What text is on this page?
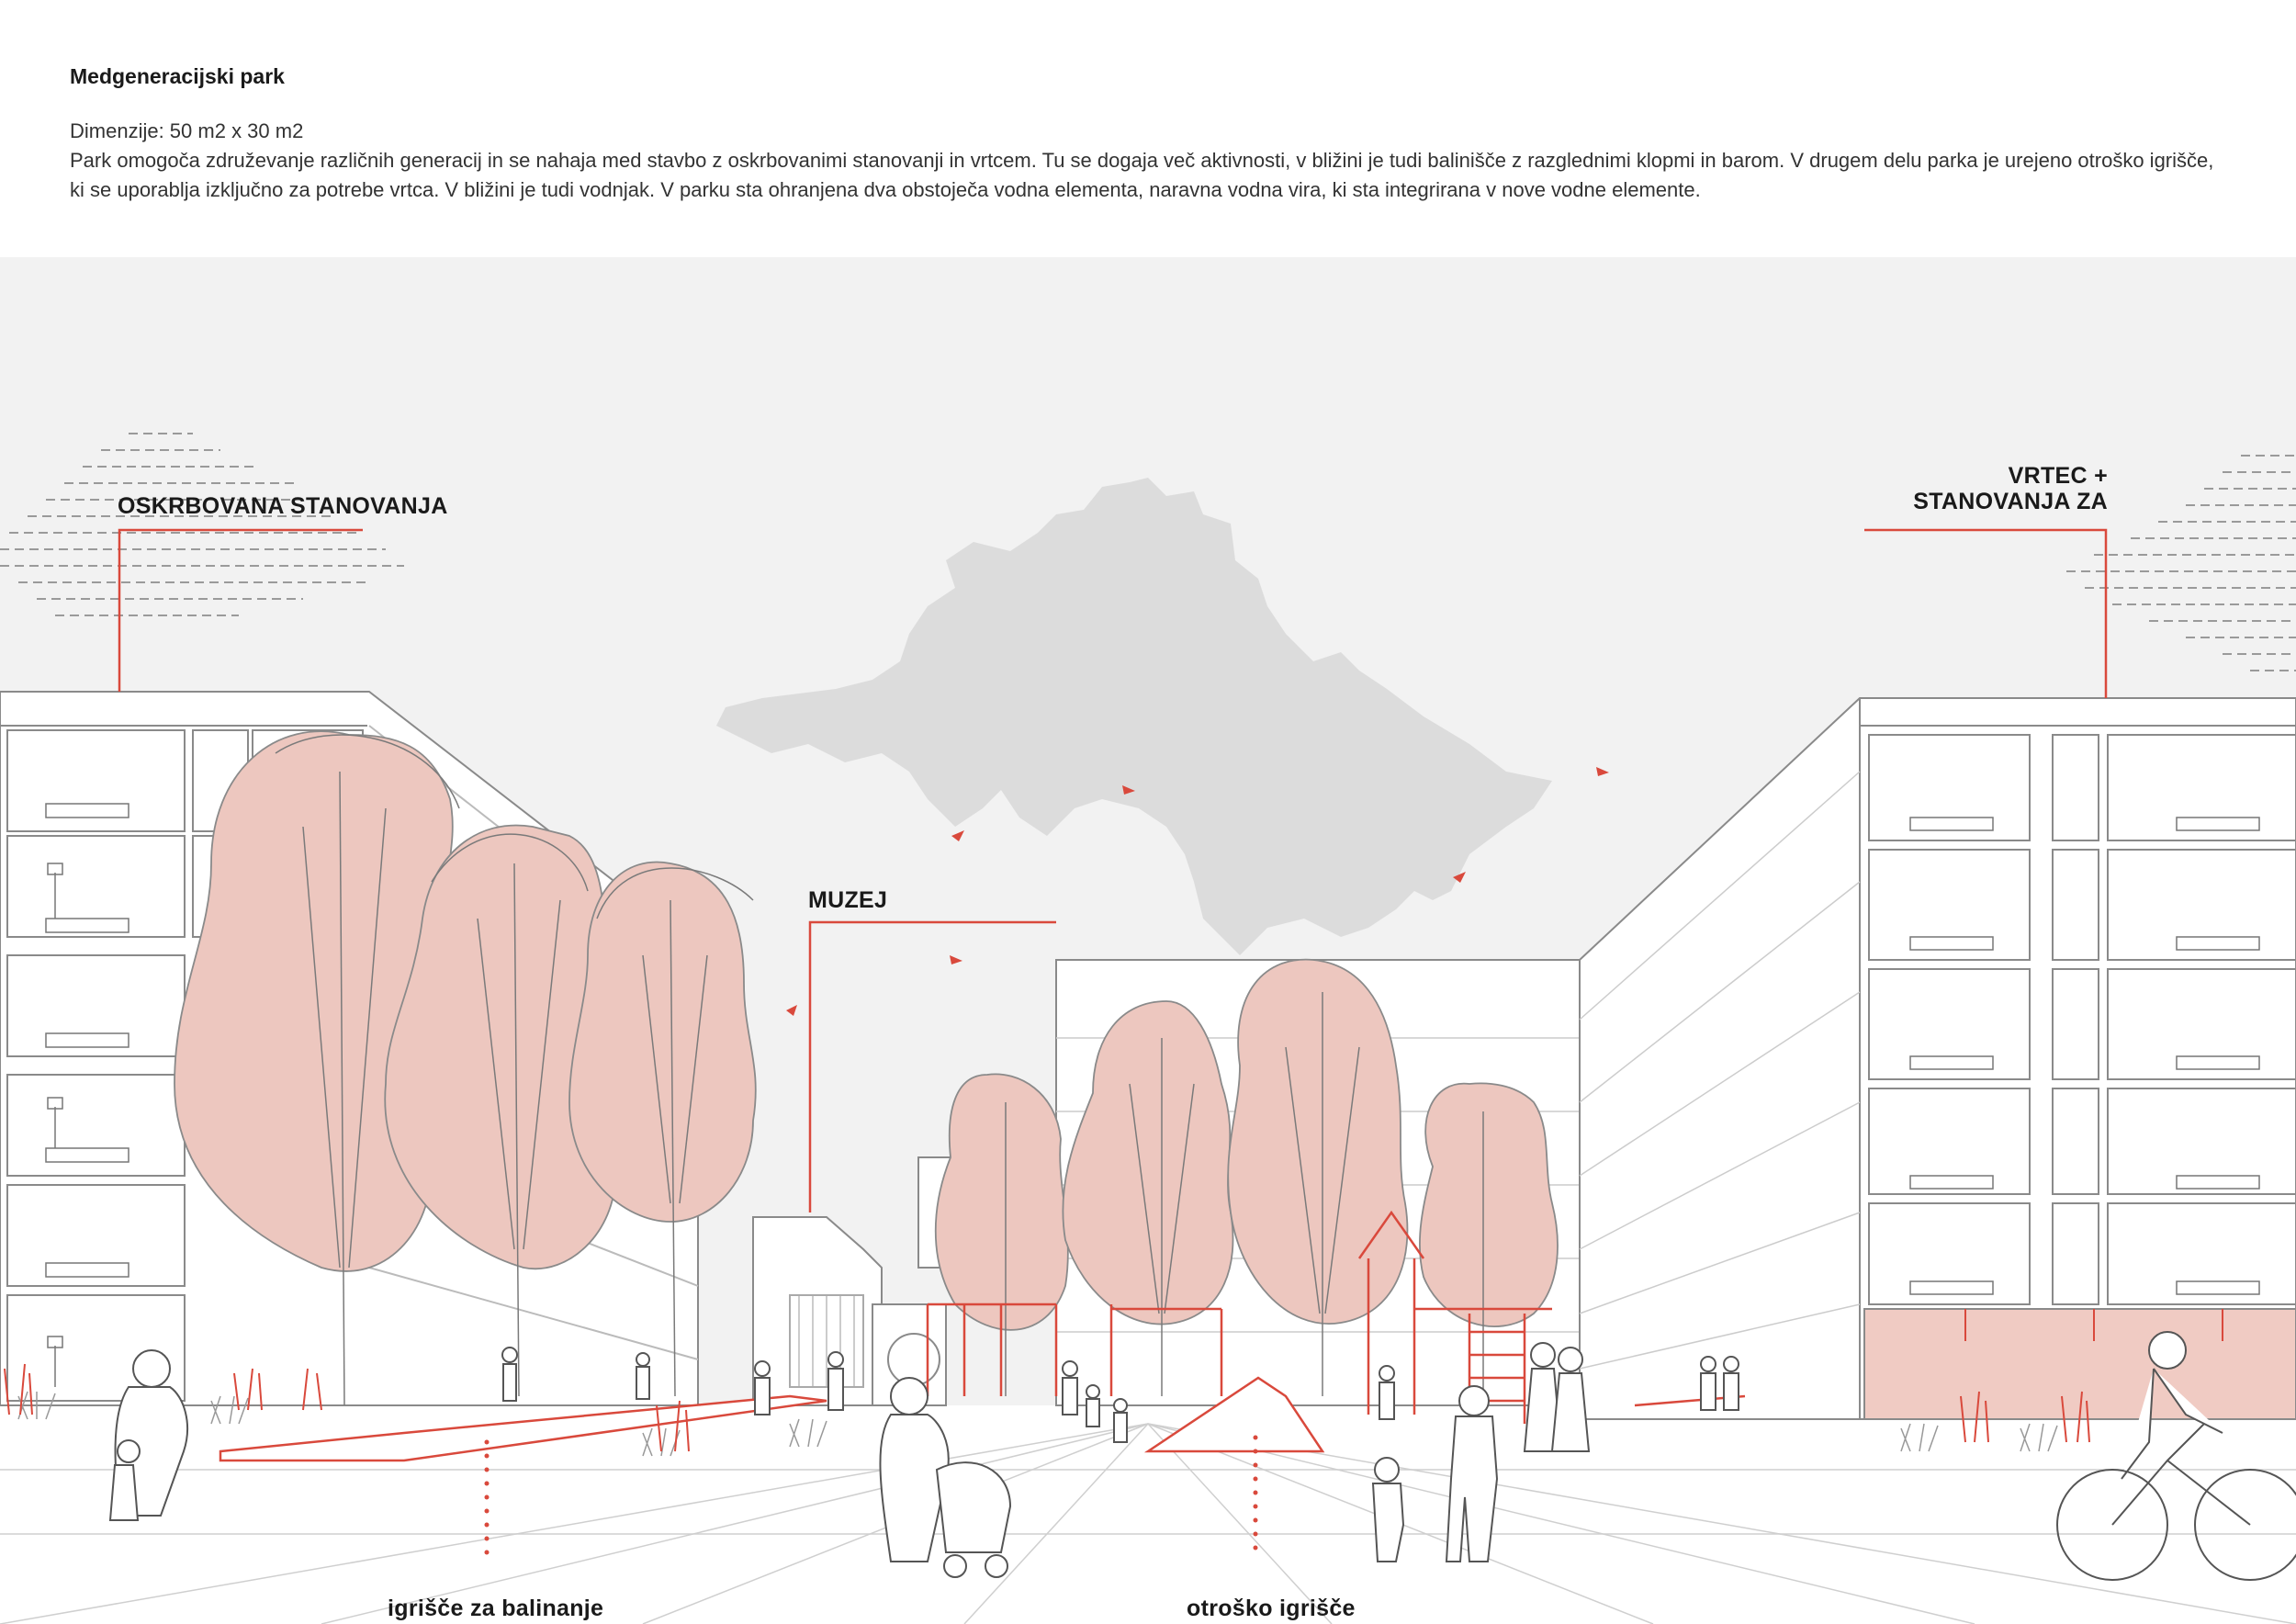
Medgeneracijski park

Dimenzije: 50 m2 x 30 m2

Park omogoča združevanje različnih generacij in se nahaja med stavbo z oskrbovanimi stanovanji in vrtcem. Tu se dogaja več aktivnosti, v bližini je tudi balinišče z razglednimi klopmi in barom. V drugem delu parka je urejeno otroško igrišče, ki se uporablja izključno za potrebe vrtca. V bližini je tudi vodnjak. V parku sta ohranjena dva obstoječa vodna elementa, naravna vodna vira, ki sta integrirana v nove vodne elemente.

OSKRBOVANA STANOVANJA
MUZEJ
VRTEC +
STANOVANJA ZA
igrišče za balinanje	otroško igrišče
